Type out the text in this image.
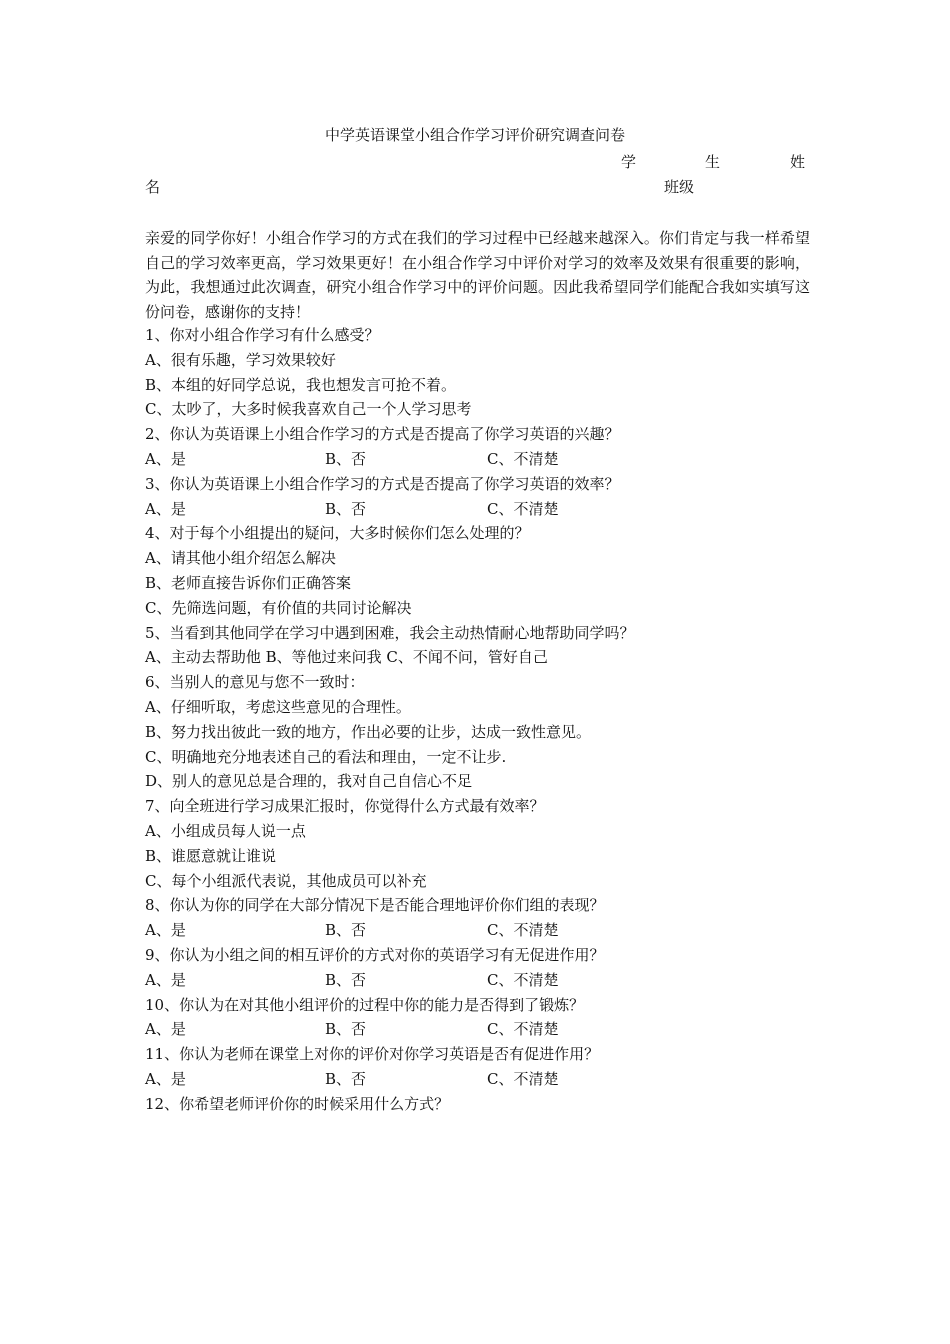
中学英语课堂小组合作学习评价研究调查问卷
学	生	姓
名	班级
亲爱的同学你好！小组合作学习的方式在我们的学习过程中已经越来越深入。你们肯定与我一样希望自己的学习效率更高，学习效果更好！在小组合作学习中评价对学习的效率及效果有很重要的影响，为此，我想通过此次调查，研究小组合作学习中的评价问题。因此我希望同学们能配合我如实填写这份问卷，感谢你的支持！
1、你对小组合作学习有什么感受？
A、很有乐趣，学习效果较好
B、本组的好同学总说，我也想发言可抢不着。
C、太吵了，大多时候我喜欢自己一个人学习思考
2、你认为英语课上小组合作学习的方式是否提高了你学习英语的兴趣？
A、是	B、否	C、不清楚
3、你认为英语课上小组合作学习的方式是否提高了你学习英语的效率？
A、是	B、否	C、不清楚
4、对于每个小组提出的疑问，大多时候你们怎么处理的？
A、请其他小组介绍怎么解决
B、老师直接告诉你们正确答案
C、先筛选问题，有价值的共同讨论解决
5、当看到其他同学在学习中遇到困难，我会主动热情耐心地帮助同学吗？
A、主动去帮助他 B、等他过来问我 C、不闻不问，管好自己
6、当别人的意见与您不一致时：
A、仔细听取，考虑这些意见的合理性。
B、努力找出彼此一致的地方，作出必要的让步，达成一致性意见。
C、明确地充分地表述自己的看法和理由，一定不让步.
D、别人的意见总是合理的，我对自己自信心不足
7、向全班进行学习成果汇报时，你觉得什么方式最有效率？
A、小组成员每人说一点
B、谁愿意就让谁说
C、每个小组派代表说，其他成员可以补充
8、你认为你的同学在大部分情况下是否能合理地评价你们组的表现？
A、是	B、否	C、不清楚
9、你认为小组之间的相互评价的方式对你的英语学习有无促进作用？
A、是	B、否	C、不清楚
10、你认为在对其他小组评价的过程中你的能力是否得到了锻炼？
A、是	B、否	C、不清楚
11、你认为老师在课堂上对你的评价对你学习英语是否有促进作用？
A、是	B、否	C、不清楚
12、你希望老师评价你的时候采用什么方式？
